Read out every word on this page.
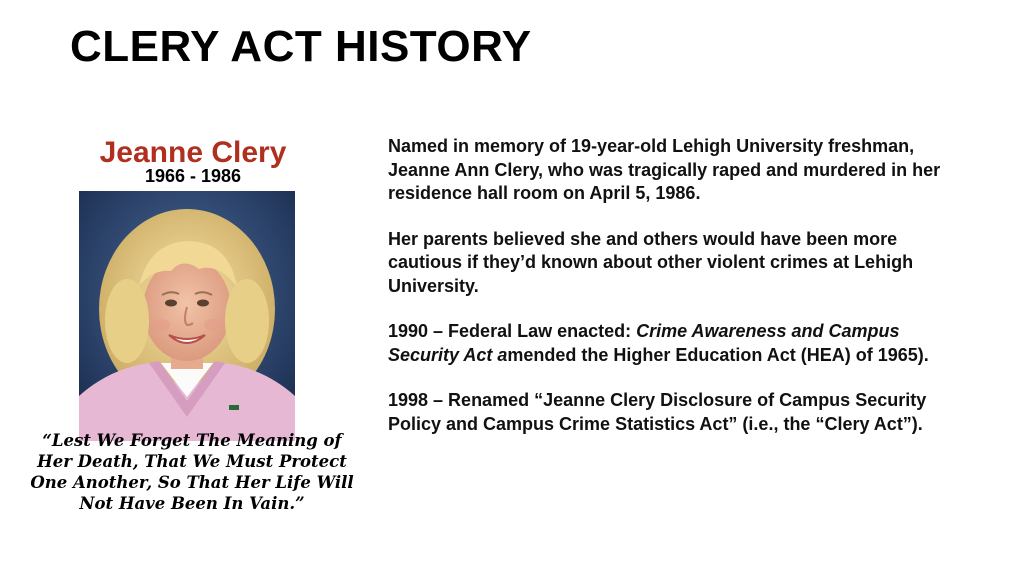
CLERY ACT HISTORY
Jeanne Clery
1966 - 1986
“Lest We Forget The Meaning of Her Death, That We Must Protect One Another, So That Her Life Will Not Have Been In Vain.”

Named in memory of 19-year-old Lehigh University freshman, Jeanne Ann Clery, who was tragically raped and murdered in her residence hall room on April 5, 1986.

Her parents believed she and others would have been more cautious if they’d known about other violent crimes at Lehigh University.

1990 – Federal Law enacted: Crime Awareness and Campus Security Act amended the Higher Education Act (HEA) of 1965).

1998 – Renamed “Jeanne Clery Disclosure of Campus Security Policy and Campus Crime Statistics Act” (i.e., the “Clery Act”).
